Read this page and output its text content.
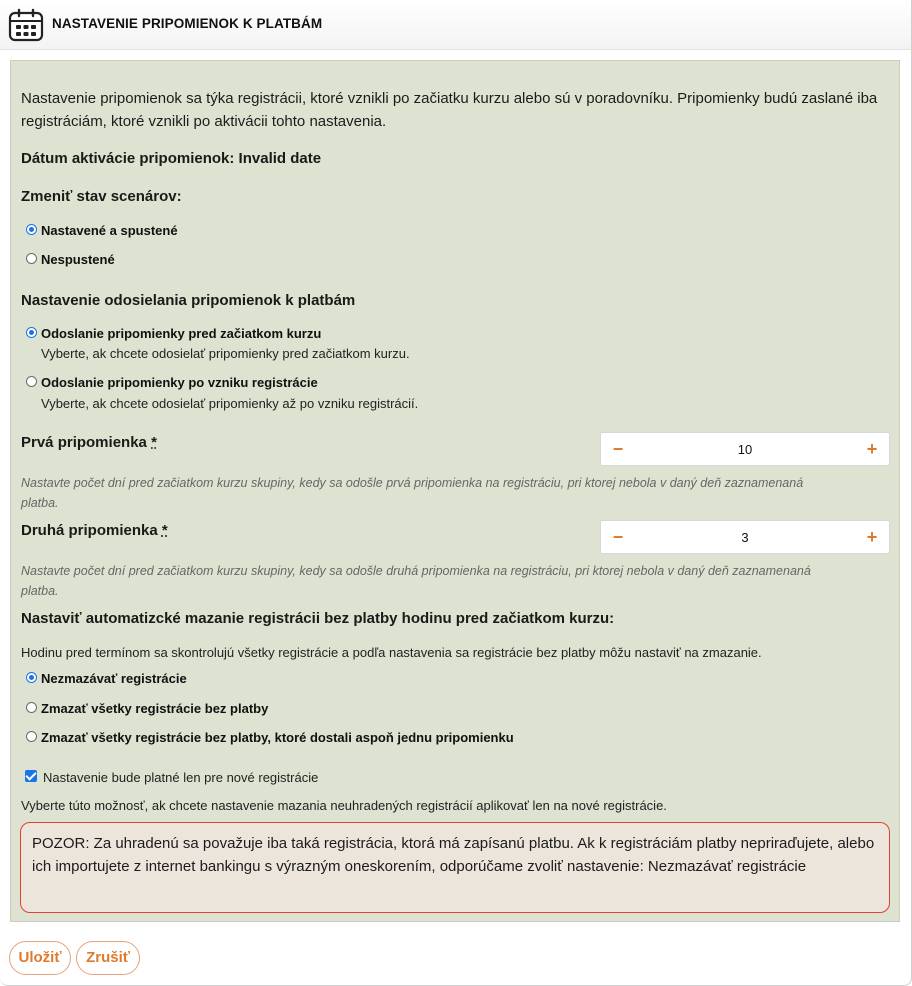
NASTAVENIE PRIPOMIENOK K PLATBÁM
Nastavenie pripomienok sa týka registrácii, ktoré vznikli po začiatku kurzu alebo sú v poradovníku. Pripomienky budú zaslané iba registráciám, ktoré vznikli po aktivácii tohto nastavenia.
Dátum aktivácie pripomienok: Invalid date
Zmeniť stav scenárov:
Nastavené a spustené
Nespustené
Nastavenie odosielania pripomienok k platbám
Odoslanie pripomienky pred začiatkom kurzu
Vyberte, ak chcete odosielať pripomienky pred začiatkom kurzu.
Odoslanie pripomienky po vzniku registrácie
Vyberte, ak chcete odosielať pripomienky až po vzniku registrácií.
Prvá pripomienka *	−	10	+
Nastavte počet dní pred začiatkom kurzu skupiny, kedy sa odošle prvá pripomienka na registráciu, pri ktorej nebola v daný deň zaznamenaná platba.
Druhá pripomienka *	−	3	+
Nastavte počet dní pred začiatkom kurzu skupiny, kedy sa odošle druhá pripomienka na registráciu, pri ktorej nebola v daný deň zaznamenaná platba.
Nastaviť automatizcké mazanie registrácii bez platby hodinu pred začiatkom kurzu:
Hodinu pred termínom sa skontrolujú všetky registrácie a podľa nastavenia sa registrácie bez platby môžu nastaviť na zmazanie.
Nezmazávať registrácie
Zmazať všetky registrácie bez platby
Zmazať všetky registrácie bez platby, ktoré dostali aspoň jednu pripomienku
Nastavenie bude platné len pre nové registrácie
Vyberte túto možnosť, ak chcete nastavenie mazania neuhradených registrácií aplikovať len na nové registrácie.
POZOR: Za uhradenú sa považuje iba taká registrácia, ktorá má zapísanú platbu. Ak k registráciám platby nepriraďujete, alebo ich importujete z internet bankingu s výrazným oneskorením, odporúčame zvoliť nastavenie: Nezmazávať registrácie
Uložiť	Zrušiť
